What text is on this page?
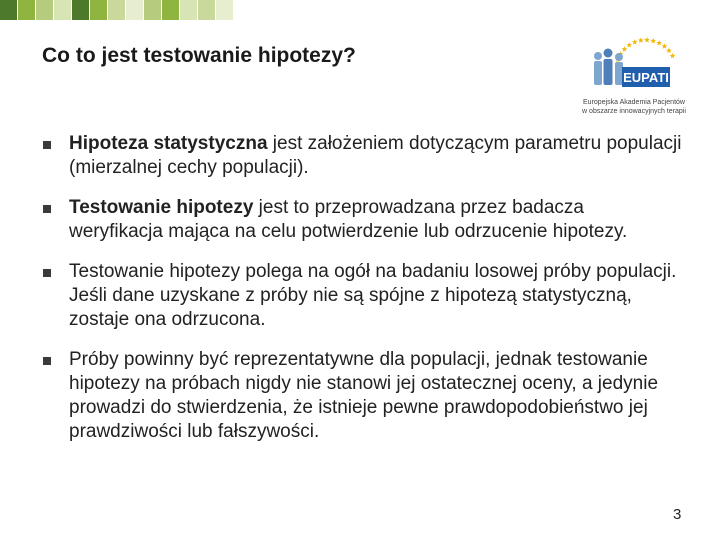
Co to jest testowanie hipotezy?
EUPATI
Europejska Akademia Pacjentów
w obszarze innowacyjnych terapii
Hipoteza statystyczna jest założeniem dotyczącym parametru populacji (mierzalnej cechy populacji).
Testowanie hipotezy jest to przeprowadzana przez badacza weryfikacja mająca na celu potwierdzenie lub odrzucenie hipotezy.
Testowanie hipotezy polega na ogół na badaniu losowej próby populacji. Jeśli dane uzyskane z próby nie są spójne z hipotezą statystyczną, zostaje ona odrzucona.
Próby powinny być reprezentatywne dla populacji, jednak testowanie hipotezy na próbach nigdy nie stanowi jej ostatecznej oceny, a jedynie prowadzi do stwierdzenia, że istnieje pewne prawdopodobieństwo jej prawdziwości lub fałszywości.
3
